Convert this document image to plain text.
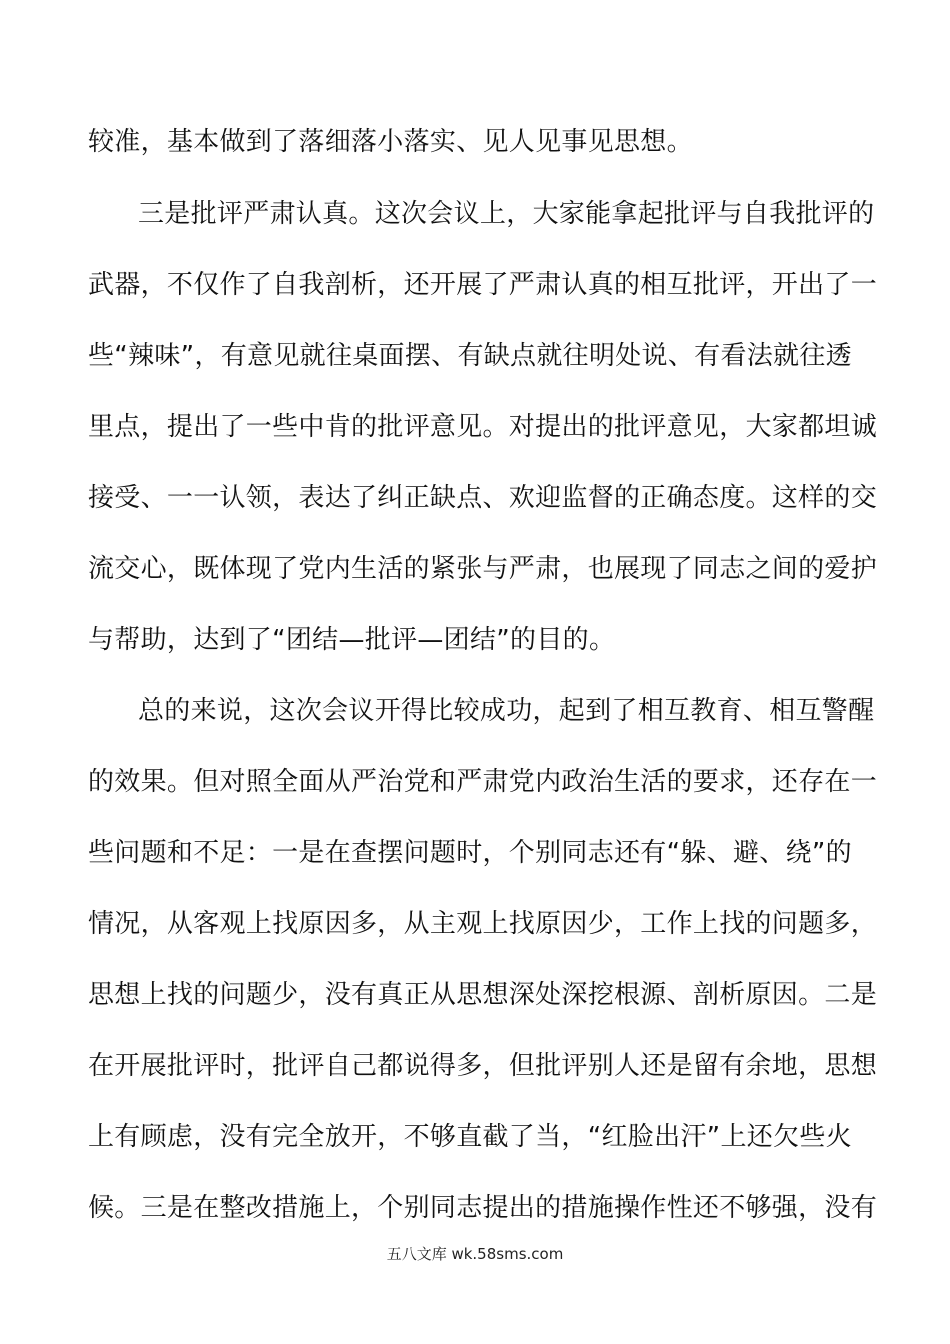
较准，基本做到了落细落小落实、见人见事见思想。
三是批评严肃认真。这次会议上，大家能拿起批评与自我批评的
武器，不仅作了自我剖析，还开展了严肃认真的相互批评，开出了一
些“辣味”，有意见就往桌面摆、有缺点就往明处说、有看法就往透
里点，提出了一些中肯的批评意见。对提出的批评意见，大家都坦诚
接受、一一认领，表达了纠正缺点、欢迎监督的正确态度。这样的交
流交心，既体现了党内生活的紧张与严肃，也展现了同志之间的爱护
与帮助，达到了“团结—批评—团结”的目的。
总的来说，这次会议开得比较成功，起到了相互教育、相互警醒
的效果。但对照全面从严治党和严肃党内政治生活的要求，还存在一
些问题和不足：一是在查摆问题时，个别同志还有“躲、避、绕”的
情况，从客观上找原因多，从主观上找原因少，工作上找的问题多，
思想上找的问题少，没有真正从思想深处深挖根源、剖析原因。二是
在开展批评时，批评自己都说得多，但批评别人还是留有余地，思想
上有顾虑，没有完全放开，不够直截了当，“红脸出汗”上还欠些火
候。三是在整改措施上，个别同志提出的措施操作性还不够强，没有
五八文库 wk.58sms.com
